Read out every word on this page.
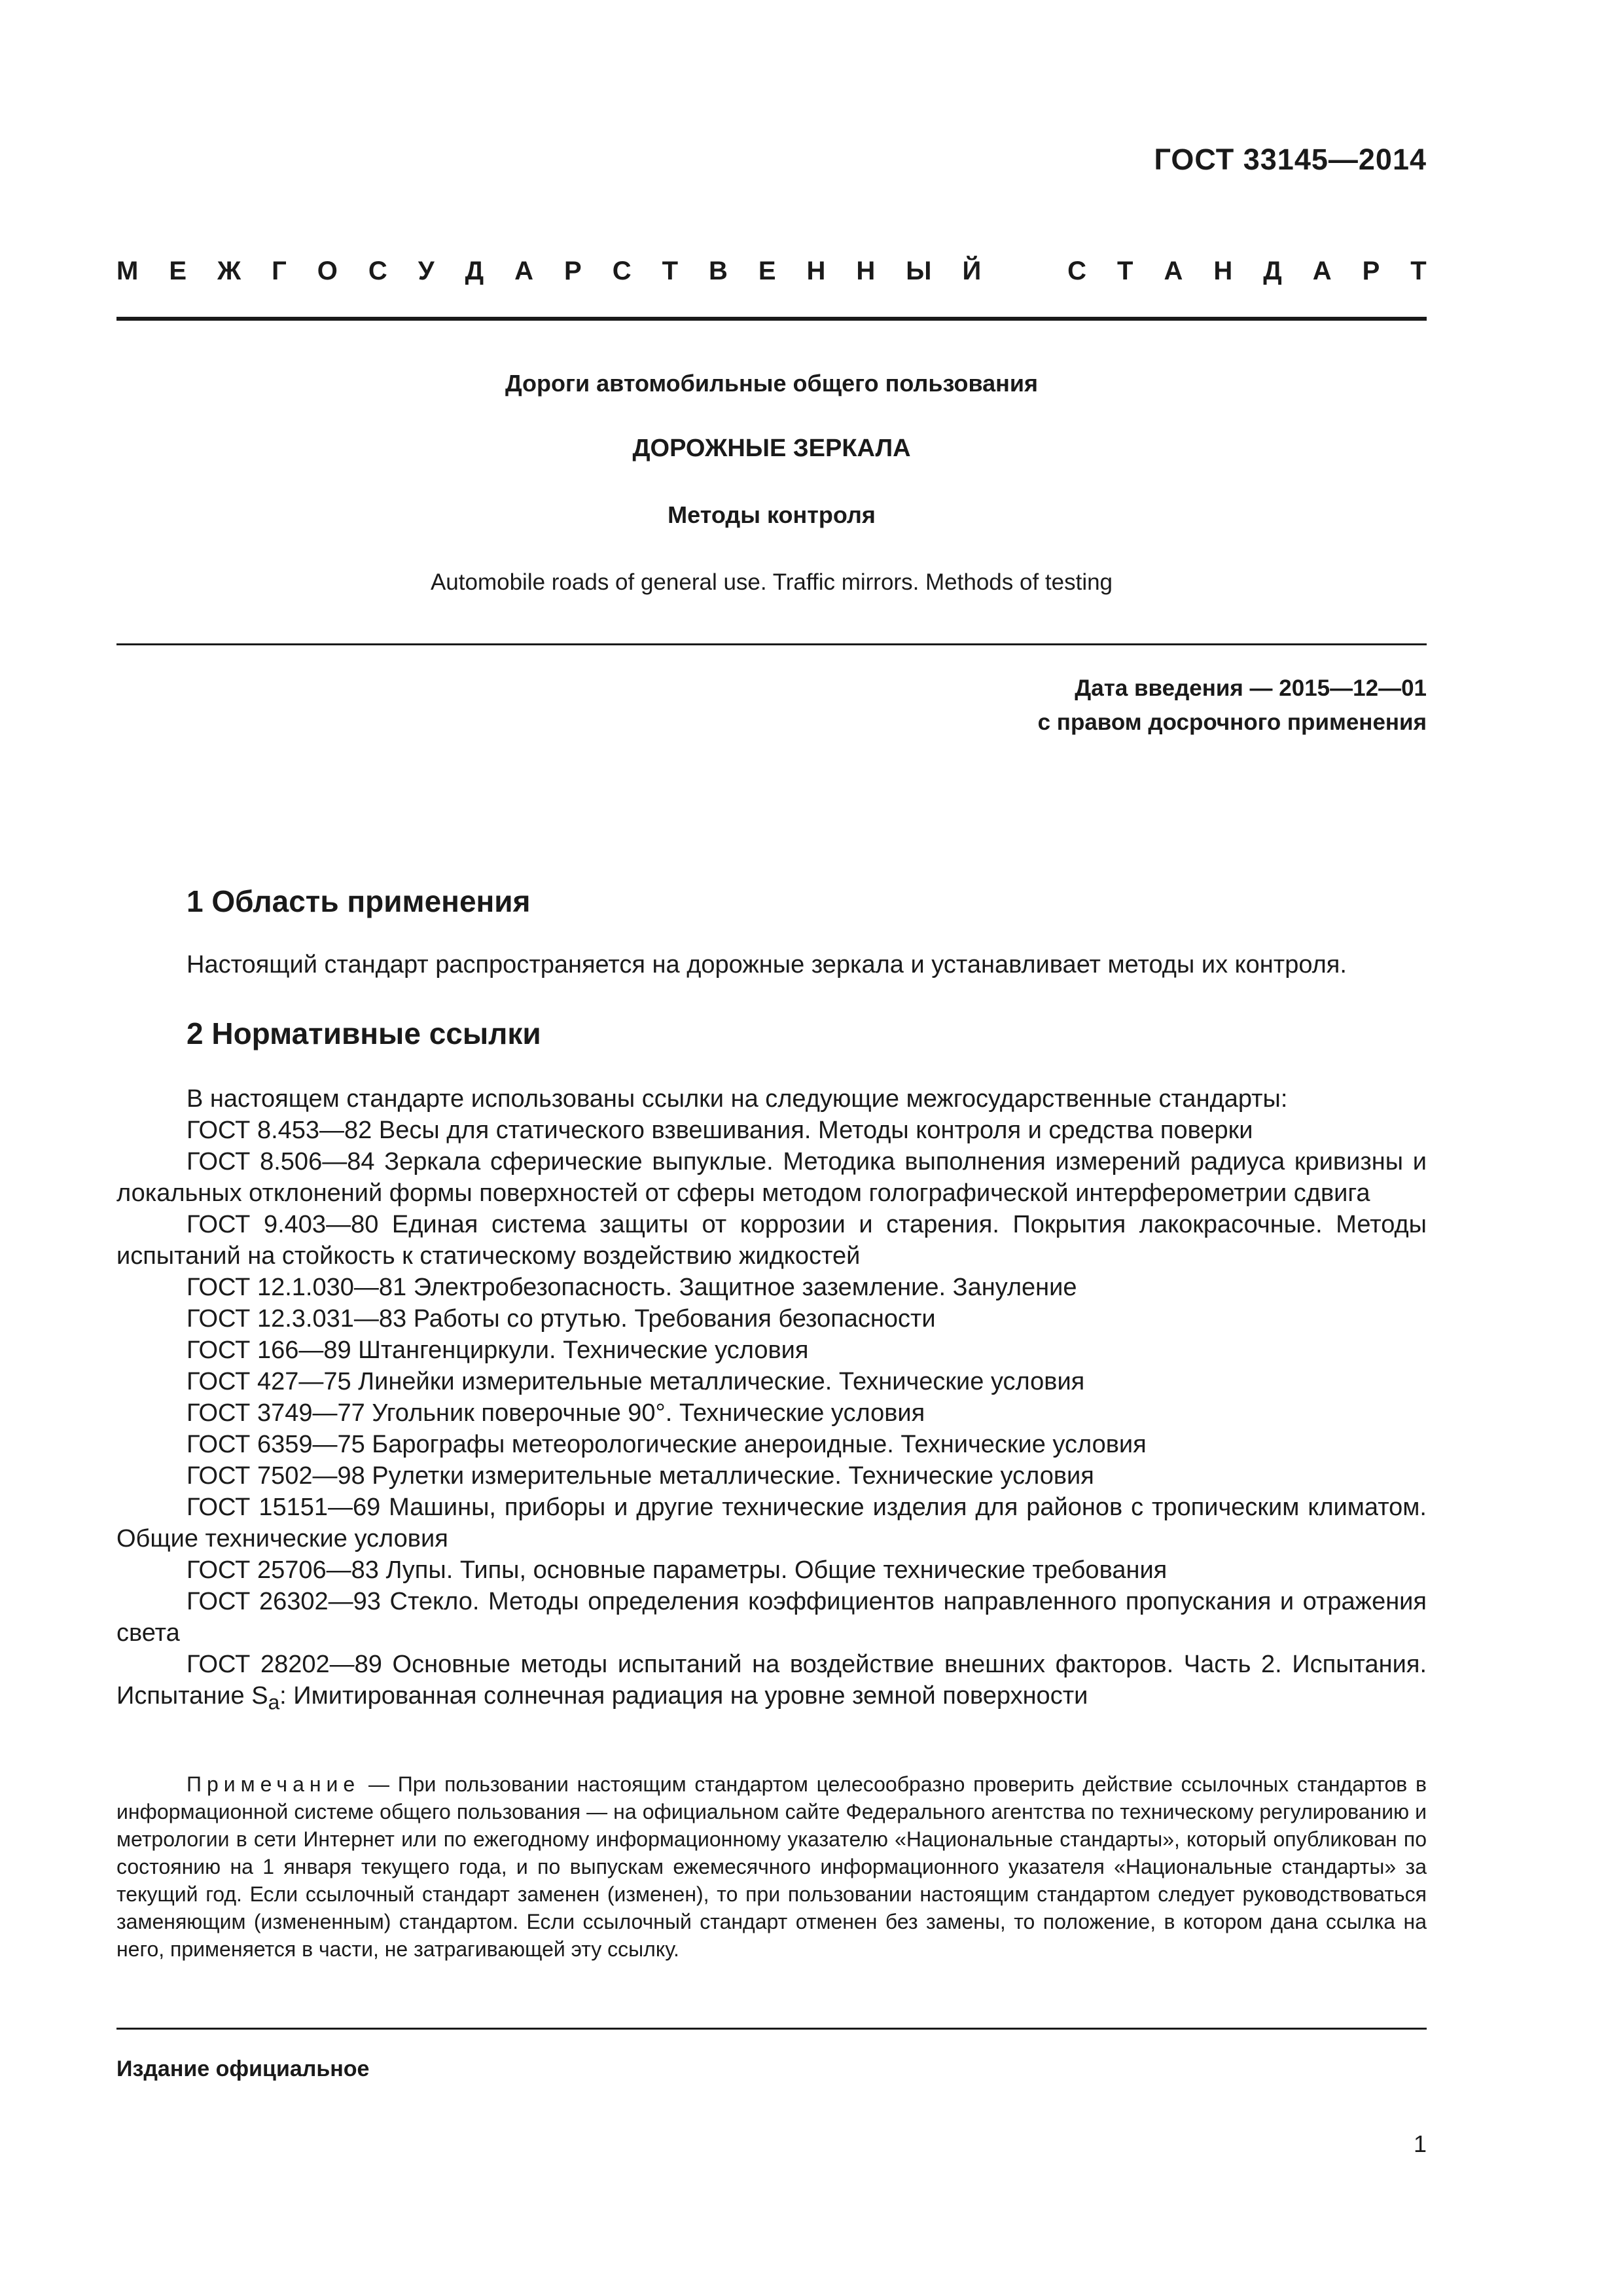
ГОСТ 33145—2014
М Е Ж Г О С У Д А Р С Т В Е Н Н Ы Й	С Т А Н Д А Р Т
Дороги автомобильные общего пользования
ДОРОЖНЫЕ ЗЕРКАЛА
Методы контроля
Automobile roads of general use. Traffic mirrors. Methods of testing
Дата введения — 2015—12—01
с правом досрочного применения
1 Область применения
Настоящий стандарт распространяется на дорожные зеркала и устанавливает методы их контроля.
2 Нормативные ссылки

В настоящем стандарте использованы ссылки на следующие межгосударственные стандарты:

ГОСТ 8.453—82 Весы для статического взвешивания. Методы контроля и средства поверки

ГОСТ 8.506—84 Зеркала сферические выпуклые. Методика выполнения измерений радиуса кривизны и локальных отклонений формы поверхностей от сферы методом голографической интерферометрии сдвига

ГОСТ 9.403—80 Единая система защиты от коррозии и старения. Покрытия лакокрасочные. Методы испытаний на стойкость к статическому воздействию жидкостей

ГОСТ 12.1.030—81 Электробезопасность. Защитное заземление. Зануление

ГОСТ 12.3.031—83 Работы со ртутью. Требования безопасности

ГОСТ 166—89 Штангенциркули. Технические условия

ГОСТ 427—75 Линейки измерительные металлические. Технические условия

ГОСТ 3749—77 Угольник поверочные 90°. Технические условия

ГОСТ 6359—75 Барографы метеорологические анероидные. Технические условия

ГОСТ 7502—98 Рулетки измерительные металлические. Технические условия

ГОСТ 15151—69 Машины, приборы и другие технические изделия для районов с тропическим климатом. Общие технические условия

ГОСТ 25706—83 Лупы. Типы, основные параметры. Общие технические требования

ГОСТ 26302—93 Стекло. Методы определения коэффициентов направленного пропускания и отражения света

ГОСТ 28202—89 Основные методы испытаний на воздействие внешних факторов. Часть 2. Испытания. Испытание $S_a$: Имитированная солнечная радиация на уровне земной поверхности

Примечание — При пользовании настоящим стандартом целесообразно проверить действие ссылочных стандартов в информационной системе общего пользования — на официальном сайте Федерального агентства по техническому регулированию и метрологии в сети Интернет или по ежегодному информационному указателю «Национальные стандарты», который опубликован по состоянию на 1 января текущего года, и по выпускам ежемесячного информационного указателя «Национальные стандарты» за текущий год. Если ссылочный стандарт заменен (изменен), то при пользовании настоящим стандартом следует руководствоваться заменяющим (измененным) стандартом. Если ссылочный стандарт отменен без замены, то положение, в котором дана ссылка на него, применяется в части, не затрагивающей эту ссылку.

Издание официальное
1
